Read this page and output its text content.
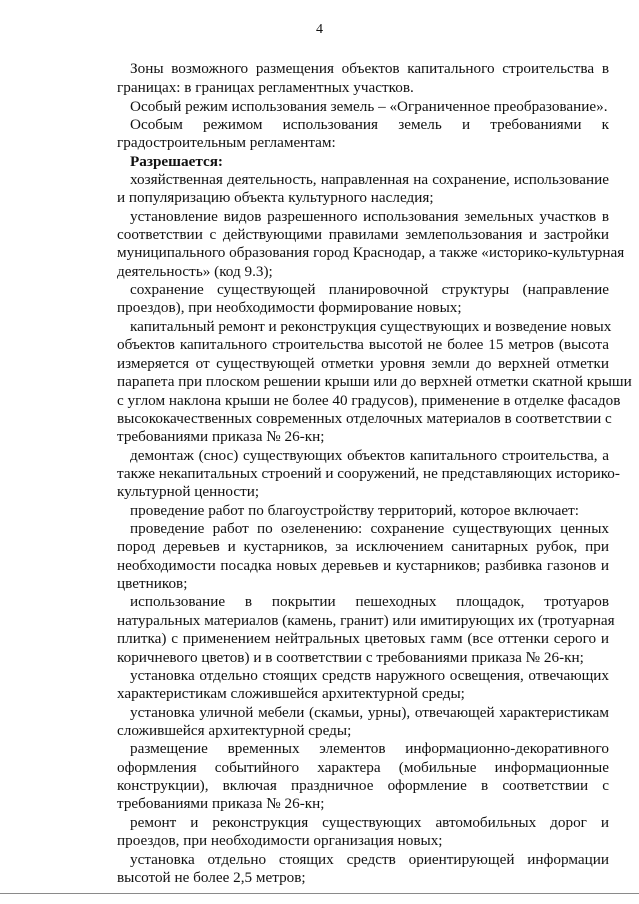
4
Зоны возможного размещения объектов капитального строительства в
границах: в границах регламентных участков.
Особый режим использования земель – «Ограниченное преобразование».
Особым режимом использования земель и требованиями к
градостроительным регламентам:
Разрешается:
хозяйственная деятельность, направленная на сохранение, использование
и популяризацию объекта культурного наследия;
установление видов разрешенного использования земельных участков в
соответствии с действующими правилами землепользования и застройки
муниципального образования город Краснодар, а также «историко-культурная
деятельность» (код 9.3);
сохранение существующей планировочной структуры (направление
проездов), при необходимости формирование новых;
капитальный ремонт и реконструкция существующих и возведение новых
объектов капитального строительства высотой не более 15 метров (высота
измеряется от существующей отметки уровня земли до верхней отметки
парапета при плоском решении крыши или до верхней отметки скатной крыши
с углом наклона крыши не более 40 градусов), применение в отделке фасадов
высококачественных современных отделочных материалов в соответствии с
требованиями приказа № 26-кн;
демонтаж (снос) существующих объектов капитального строительства, а
также некапитальных строений и сооружений, не представляющих историко-
культурной ценности;
проведение работ по благоустройству территорий, которое включает:
проведение работ по озеленению: сохранение существующих ценных
пород деревьев и кустарников, за исключением санитарных рубок, при
необходимости посадка новых деревьев и кустарников; разбивка газонов и
цветников;
использование в покрытии пешеходных площадок, тротуаров
натуральных материалов (камень, гранит) или имитирующих их (тротуарная
плитка) с применением нейтральных цветовых гамм (все оттенки серого и
коричневого цветов) и в соответствии с требованиями приказа № 26-кн;
установка отдельно стоящих средств наружного освещения, отвечающих
характеристикам сложившейся архитектурной среды;
установка уличной мебели (скамьи, урны), отвечающей характеристикам
сложившейся архитектурной среды;
размещение временных элементов информационно-декоративного
оформления событийного характера (мобильные информационные
конструкции), включая праздничное оформление в соответствии с
требованиями приказа № 26-кн;
ремонт и реконструкция существующих автомобильных дорог и
проездов, при необходимости организация новых;
установка отдельно стоящих средств ориентирующей информации
высотой не более 2,5 метров;
